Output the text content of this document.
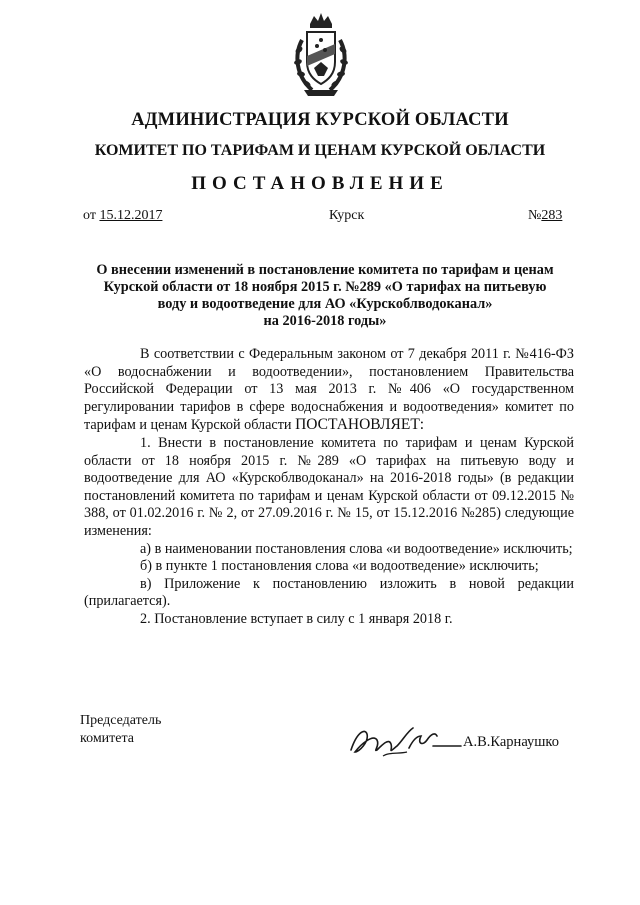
АДМИНИСТРАЦИЯ КУРСКОЙ ОБЛАСТИ
КОМИТЕТ ПО ТАРИФАМ И ЦЕНАМ КУРСКОЙ ОБЛАСТИ
ПОСТАНОВЛЕНИЕ
от 15.12.2017	Курск	№283
О внесении изменений в постановление комитета по тарифам и ценам
Курской области от 18 ноября 2015 г. №289 «О тарифах на питьевую
воду и водоотведение для АО «Курскоблводоканал»
на 2016-2018 годы»

В соответствии с Федеральным законом от 7 декабря 2011 г. №416-ФЗ «О водоснабжении и водоотведении», постановлением Правительства Российской Федерации от 13 мая 2013 г. №406 «О государственном регулировании тарифов в сфере водоснабжения и водоотведения» комитет по тарифам и ценам Курской области ПОСТАНОВЛЯЕТ:

1. Внести в постановление комитета по тарифам и ценам Курской области от 18 ноября 2015 г. №289 «О тарифах на питьевую воду и водоотведение для АО «Курскоблводоканал» на 2016-2018 годы» (в редакции постановлений комитета по тарифам и ценам Курской области от 09.12.2015 № 388, от 01.02.2016 г. № 2, от 27.09.2016 г. № 15, от 15.12.2016 №285) следующие изменения:

а) в наименовании постановления слова «и водоотведение» исключить;

б) в пункте 1 постановления слова «и водоотведение» исключить;

в) Приложение к постановлению изложить в новой редакции (прилагается).

2. Постановление вступает в силу с 1 января 2018 г.

Председатель
комитета	А.В.Карнаушко
